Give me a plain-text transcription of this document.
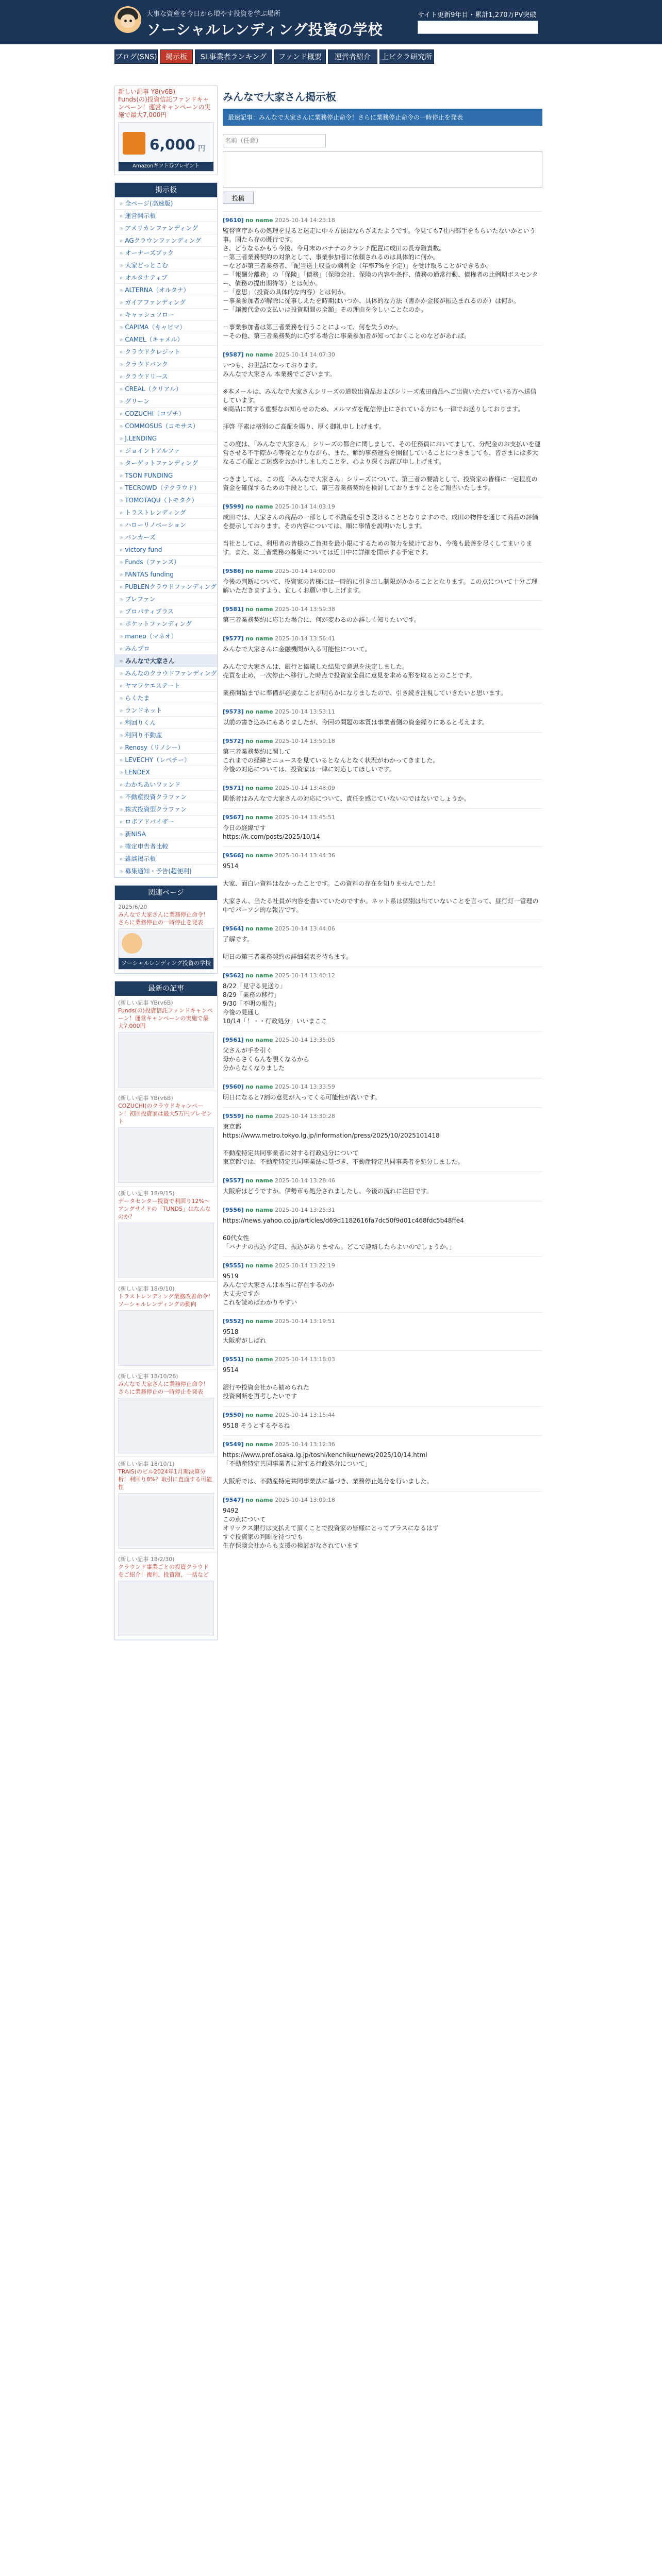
大事な資産を今日から増やす投資を学ぶ場所
ソーシャルレンディング投資の学校
サイト更新9年目・累計1,270万PV突破
ブログ(SNS)	掲示板	SL事業者ランキング	ファンド概要	運営者紹介	上ビクラ研究所
新しい記事 Y8(v6B)
Funds(の)投資信託ファンドキャンペーン！運営キャンペーンの実施で最大7,000円
6,000 円
Amazonギフト券プレゼント
掲示板
» 全ページ(高速版)
» 運営開示板
» アメリカンファンディング
» AGクラウンファンディング
» オーナーズブック
» 大家どっとこむ
» オルタナティブ
» ALTERNA（オルタナ）
» ガイアファンディング
» キャッシュフロー
» CAPIMA（キャピマ）
» CAMEL（キャメル）
» クラウドクレジット
» クラウドバンク
» クラウドリース
» CREAL（クリアル）
» グリーン
» COZUCHI（コヅチ）
» COMMOSUS（コモサス）
» J.LENDING
» ジョイントアルファ
» ターゲットファンディング
» TSON FUNDING
» TECROWD（テクラウド）
» TOMOTAQU（トモタク）
» トラストレンディング
» ハローリノベーション
» バンカーズ
» victory fund
» Funds（ファンズ）
» FANTAS funding
» PUBLENクラウドファンディング
» プレファン
» プロパティプラス
» ポケットファンディング
» maneo（マネオ）
» みんプロ
» みんなで大家さん
» みんなのクラウドファンディング
» ヤマワケエステート
» らくたま
» ランドネット
» 利回りくん
» 利回り不動産
» Renosy（リノシー）
» LEVECHY（レベチー）
» LENDEX
» わかちあいファンド
» 不動産投資クラファン
» 株式投資型クラファン
» ロボアドバイザー
» 新NISA
» 確定申告者比較
» 雑談掲示板
» 募集通知・予告(超便利)
関連ページ
2025/6/20
みんなで大家さんに業務停止命令！さらに業務停止の一時停止を発表
ソーシャルレンディング投資の学校
最新の記事
(新しい記事 YB(v6B)
Funds(の)投資信託ファンドキャンペーン！運営キャンペーンの実施で最大7,000円
(新しい記事 YB(v6B)
COZUCHI(のクラウドキャンペーン！初回投資家は最大5万円プレゼント
(新しい記事 18/9/15)
データセンター投資で利回り12%～アングサイドの「TUNDS」はなんなのか？
(新しい記事 18/9/10)
トラストレンディング業務改善命令！ソーシャルレンディングの動向
(新しい記事 18/10/26)
みんなで大家さんに業務停止命令！さらに業務停止の一時停止を発表
(新しい記事 18/10/1)
TRAIS(のビル2024年1月期決算分析！利回り8%？取引に直面する可能性
(新しい記事 18/2/30)
クラウンド事業ごとの投資クラウドをご紹介！複利、投資額、一括など
みんなで大家さん掲示板
最速記事：みんなで大家さんに業務停止命令！さらに業務停止命令の一時停止を発表
名前（任意）
投稿
[9610] no name 2025-10-14 14:23:18
監督官庁からの処理を見ると迷走に中々方法はならざえたようです。今見ても7社内部手をもらいたないかという事。国たら存の既行です。
さ、どうなるかもう今後、今月末のバナナのクランチ配置に成田の長寿職責数。
－第三者業務契約の対象として、事業参加者に依頼されるのは具体的に何か。
－などが第三者業務者、「配当送上収益の剰利金（年率7%を予定）」を受け取ることができるか。
－「報酬分離務」の「保険」「債務」（保険会社、保険の内容や条件、債務の通常行動、債権者の比例期ボスセンター、債務の提出期待等）とは何か。
－「意思」（投資の具体的な内容）とは何か。
－事業参加者が解除に従事しえたを時期はいつか、具体的な方法（書かか金接が振込まれるのか）は何か。
－「譲渡代金の支払いは投資期間の全額」その理由を今しいことなのか。

－事業参加者は第三者業務を行うことによって、何を失うのか。
－その他、第三者業務契約に応ずる場合に事業参加者が知っておくことのなどがあれば。
[9587] no name 2025-10-14 14:07:30
いつも、お世話になっております。
みんなで大家さん 本業務でございます。

※本メールは、みんなで大家さんシリーズの道数出資品およびシリーズ成田商品へご出資いただいている方へ送信しています。
※商品に関する重要なお知らせのため、メルマガを配信停止にされている方にも一律でお送りしております。

拝啓 平素は格別のご高配を賜り、厚く御礼申し上げます。

この度は、「みんなで大家さん」シリーズの都合に関しまして、その任務員においてまして、分配金のお支払いを運営させる不手際から等発となりながら、また、解約事務運営を開催していることにつきましても、皆さまには多大なるご心配とご迷惑をおかけしましたことを、心より深くお詫び申し上げます。

つきましては、この度「みんなで大家さん」シリーズについて、第三者の要請として、投資家の皆様に一定程度の資金を確保するための手段として、第三者業務契約を検討しておりますことをご報告いたします。
[9599] no name 2025-10-14 14:03:19
成田では、大家さんの商品の一部として不動産を引き受けることとなりますので、成田の物件を通じて商品の評価を提示しております。その内容については、順に事情を説明いたします。

当社としては、利用者の皆様のご負担を最小限にするための努力を続けており、今後も最善を尽くしてまいります。また、第三者業務の募集については近日中に詳細を開示する予定です。
[9586] no name 2025-10-14 14:00:00
今後の判断について、投資家の皆様には一時的に引き出し制限がかかることとなります。この点について十分ご理解いただきますよう、宜しくお願い申し上げます。
[9581] no name 2025-10-14 13:59:38
第三者業務契約に応じた場合に、何が変わるのか詳しく知りたいです。
[9577] no name 2025-10-14 13:56:41
みんなで大家さんに金融機関が入る可能性について。

みんなで大家さんは、銀行と協議した結果で意思を決定しました。
売買を止め、一次停止へ移行した時点で投資家全員に意見を求める形を取るとのことです。

業務開始までに準備が必要なことが明らかになりましたので、引き続き注視していきたいと思います。
[9573] no name 2025-10-14 13:53:11
以前の書き込みにもありましたが、今回の問題の本質は事業者側の資金繰りにあると考えます。
[9572] no name 2025-10-14 13:50:18
第三者業務契約に関して
これまでの経緯とニュースを見ているとなんとなく状況がわかってきました。
今後の対応については、投資家は一律に対応してほしいです。
[9571] no name 2025-10-14 13:48:09
関係者はみんなで大家さんの対応について、責任を感じていないのではないでしょうか。
[9567] no name 2025-10-14 13:45:51
今日の経緯です
https://k.com/posts/2025/10/14
[9566] no name 2025-10-14 13:44:36
9514

大家、面白い資料はなかったことです。この資料の存在を知りませんでした！

大家さん、当たる社員が内容を書いていたのですか。ネット系は個別は出ていないことを言って、昼行灯一管理の中でパーソン的な報告です。
[9564] no name 2025-10-14 13:44:06
了解です。

明日の第三者業務契約の詳細発表を待ちます。
[9562] no name 2025-10-14 13:40:12
8/22「見守る見送り」
8/29「業務の移行」
9/30「不明の報告」
今後の見通し
10/14「！・・行政処分」いいまここ
[9561] no name 2025-10-14 13:35:05
父さんが手を引く
母からさくらんを覗くなるから
分からなくなりました
[9560] no name 2025-10-14 13:33:59
明日になると7割の意見が入ってくる可能性が高いです。
[9559] no name 2025-10-14 13:30:28
東京都
https://www.metro.tokyo.lg.jp/information/press/2025/10/2025101418

不動産特定共同事業者に対する行政処分について
東京都では、不動産特定共同事業法に基づき、不動産特定共同事業者を処分しました。
[9557] no name 2025-10-14 13:28:46
大阪府はどうですか。伊勢市も処分されましたし、今後の流れに注目です。
[9556] no name 2025-10-14 13:25:31
https://news.yahoo.co.jp/articles/d69d1182616fa7dc50f9d01c468fdc5b48ffe4

60代女性
「バナナの振込予定日、振込がありません。どこで連絡したらよいのでしょうか。」
[9555] no name 2025-10-14 13:22:19
9519
みんなで大家さんは本当に存在するのか
大丈夫ですか
これを読めばわかりやすい
[9552] no name 2025-10-14 13:19:51
9518
大阪府がしばれ
[9551] no name 2025-10-14 13:18:03
9514

銀行や投資会社から勧められた
投資判断を再考したいです
[9550] no name 2025-10-14 13:15:44
9518 そうとするやるね
[9549] no name 2025-10-14 13:12:36
https://www.pref.osaka.lg.jp/toshi/kenchiku/news/2025/10/14.html
「不動産特定共同事業者に対する行政処分について」

大阪府では、不動産特定共同事業法に基づき、業務停止処分を行いました。
[9547] no name 2025-10-14 13:09:18
9492
この点について
オリックス銀行は支払えて頂くことで投資家の皆様にとってプラスになるはず
すぐ投資家の判断を待つでも
生存保険会社からも支援の検討がなされています
